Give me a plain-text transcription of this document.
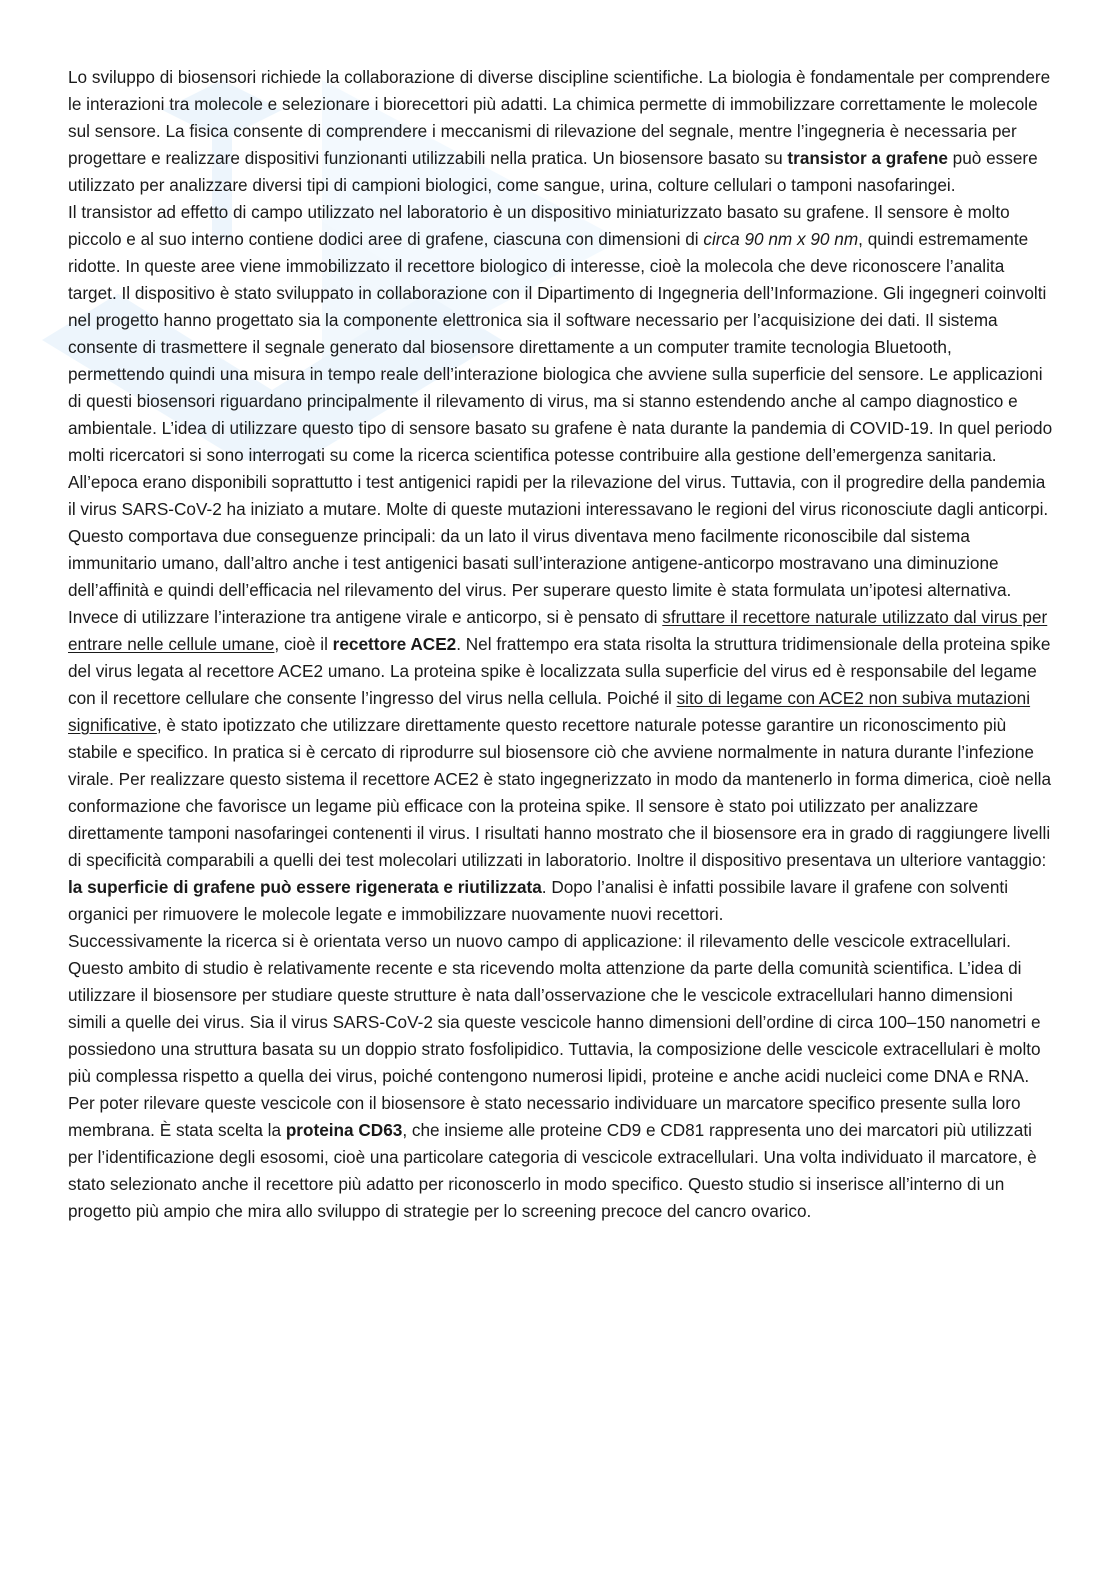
Lo sviluppo di biosensori richiede la collaborazione di diverse discipline scientifiche. La biologia è fondamentale per comprendere le interazioni tra molecole e selezionare i biorecettori più adatti. La chimica permette di immobilizzare correttamente le molecole sul sensore. La fisica consente di comprendere i meccanismi di rilevazione del segnale, mentre l’ingegneria è necessaria per progettare e realizzare dispositivi funzionanti utilizzabili nella pratica. Un biosensore basato su transistor a grafene può essere utilizzato per analizzare diversi tipi di campioni biologici, come sangue, urina, colture cellulari o tamponi nasofaringei.

Il transistor ad effetto di campo utilizzato nel laboratorio è un dispositivo miniaturizzato basato su grafene. Il sensore è molto piccolo e al suo interno contiene dodici aree di grafene, ciascuna con dimensioni di circa 90 nm x 90 nm, quindi estremamente ridotte. In queste aree viene immobilizzato il recettore biologico di interesse, cioè la molecola che deve riconoscere l’analita target. Il dispositivo è stato sviluppato in collaborazione con il Dipartimento di Ingegneria dell’Informazione. Gli ingegneri coinvolti nel progetto hanno progettato sia la componente elettronica sia il software necessario per l’acquisizione dei dati. Il sistema consente di trasmettere il segnale generato dal biosensore direttamente a un computer tramite tecnologia Bluetooth, permettendo quindi una misura in tempo reale dell’interazione biologica che avviene sulla superficie del sensore. Le applicazioni di questi biosensori riguardano principalmente il rilevamento di virus, ma si stanno estendendo anche al campo diagnostico e ambientale. L’idea di utilizzare questo tipo di sensore basato su grafene è nata durante la pandemia di COVID-19. In quel periodo molti ricercatori si sono interrogati su come la ricerca scientifica potesse contribuire alla gestione dell’emergenza sanitaria. All’epoca erano disponibili soprattutto i test antigenici rapidi per la rilevazione del virus. Tuttavia, con il progredire della pandemia il virus SARS-CoV-2 ha iniziato a mutare. Molte di queste mutazioni interessavano le regioni del virus riconosciute dagli anticorpi. Questo comportava due conseguenze principali: da un lato il virus diventava meno facilmente riconoscibile dal sistema immunitario umano, dall’altro anche i test antigenici basati sull’interazione antigene-anticorpo mostravano una diminuzione dell’affinità e quindi dell’efficacia nel rilevamento del virus. Per superare questo limite è stata formulata un’ipotesi alternativa. Invece di utilizzare l’interazione tra antigene virale e anticorpo, si è pensato di sfruttare il recettore naturale utilizzato dal virus per entrare nelle cellule umane, cioè il recettore ACE2. Nel frattempo era stata risolta la struttura tridimensionale della proteina spike del virus legata al recettore ACE2 umano. La proteina spike è localizzata sulla superficie del virus ed è responsabile del legame con il recettore cellulare che consente l’ingresso del virus nella cellula. Poiché il sito di legame con ACE2 non subiva mutazioni significative, è stato ipotizzato che utilizzare direttamente questo recettore naturale potesse garantire un riconoscimento più stabile e specifico. In pratica si è cercato di riprodurre sul biosensore ciò che avviene normalmente in natura durante l’infezione virale. Per realizzare questo sistema il recettore ACE2 è stato ingegnerizzato in modo da mantenerlo in forma dimerica, cioè nella conformazione che favorisce un legame più efficace con la proteina spike. Il sensore è stato poi utilizzato per analizzare direttamente tamponi nasofaringei contenenti il virus. I risultati hanno mostrato che il biosensore era in grado di raggiungere livelli di specificità comparabili a quelli dei test molecolari utilizzati in laboratorio. Inoltre il dispositivo presentava un ulteriore vantaggio: la superficie di grafene può essere rigenerata e riutilizzata. Dopo l’analisi è infatti possibile lavare il grafene con solventi organici per rimuovere le molecole legate e immobilizzare nuovamente nuovi recettori.

Successivamente la ricerca si è orientata verso un nuovo campo di applicazione: il rilevamento delle vescicole extracellulari. Questo ambito di studio è relativamente recente e sta ricevendo molta attenzione da parte della comunità scientifica. L’idea di utilizzare il biosensore per studiare queste strutture è nata dall’osservazione che le vescicole extracellulari hanno dimensioni simili a quelle dei virus. Sia il virus SARS-CoV-2 sia queste vescicole hanno dimensioni dell’ordine di circa 100–150 nanometri e possiedono una struttura basata su un doppio strato fosfolipidico. Tuttavia, la composizione delle vescicole extracellulari è molto più complessa rispetto a quella dei virus, poiché contengono numerosi lipidi, proteine e anche acidi nucleici come DNA e RNA. Per poter rilevare queste vescicole con il biosensore è stato necessario individuare un marcatore specifico presente sulla loro membrana. È stata scelta la proteina CD63, che insieme alle proteine CD9 e CD81 rappresenta uno dei marcatori più utilizzati per l’identificazione degli esosomi, cioè una particolare categoria di vescicole extracellulari. Una volta individuato il marcatore, è stato selezionato anche il recettore più adatto per riconoscerlo in modo specifico. Questo studio si inserisce all’interno di un progetto più ampio che mira allo sviluppo di strategie per lo screening precoce del cancro ovarico.
